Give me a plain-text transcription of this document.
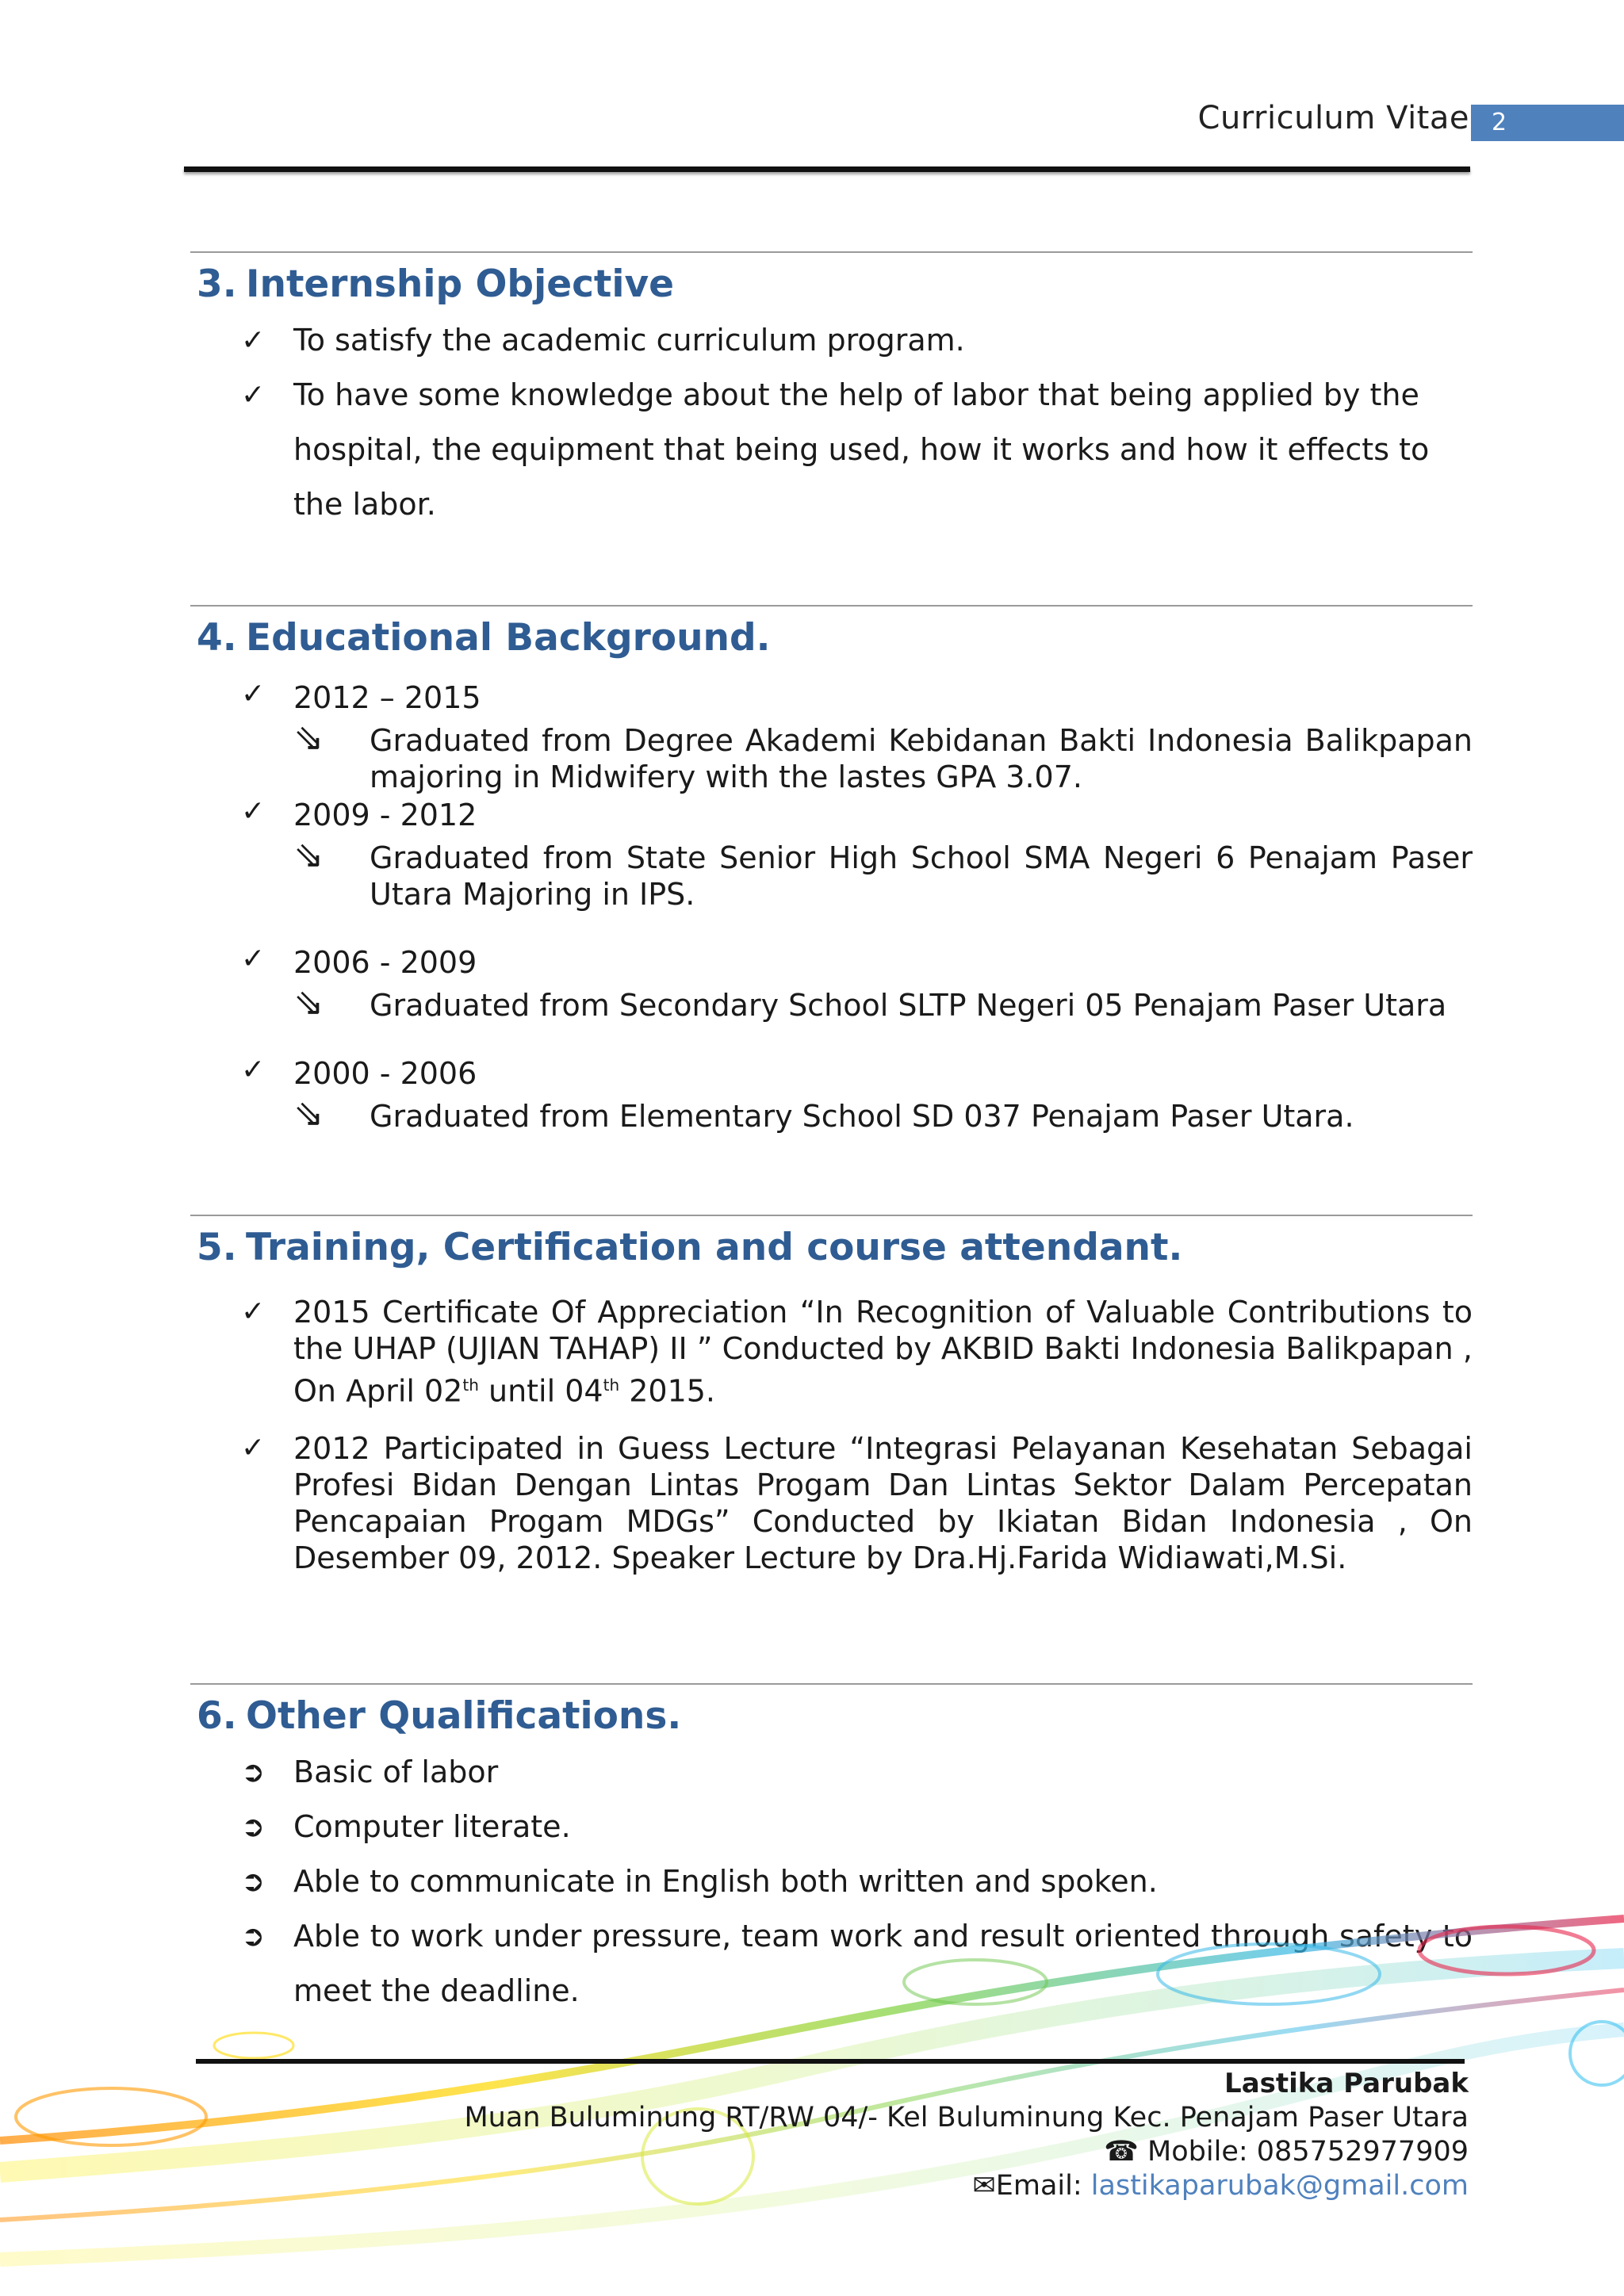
Curriculum Vitae 2
3. Internship Objective
✓ To satisfy the academic curriculum program.
✓ To have some knowledge about the help of labor that being applied by the hospital, the equipment that being used, how it works and how it effects to the labor.
4. Educational Background.
✓ 2012 – 2015
⇘ Graduated from Degree Akademi Kebidanan Bakti Indonesia Balikpapan majoring in Midwifery with the lastes GPA 3.07.
✓ 2009 - 2012
⇘ Graduated from State Senior High School SMA Negeri 6 Penajam Paser Utara Majoring in IPS.
✓ 2006 - 2009
⇘ Graduated from Secondary School SLTP Negeri 05 Penajam Paser Utara
✓ 2000 - 2006
⇘ Graduated from Elementary School SD 037 Penajam Paser Utara.
5. Training, Certification and course attendant.
✓ 2015 Certificate Of Appreciation “In Recognition of Valuable Contributions to the UHAP (UJIAN TAHAP) II ” Conducted by AKBID Bakti Indonesia Balikpapan , On April 02th until 04th 2015.
✓ 2012 Participated in Guess Lecture “Integrasi Pelayanan Kesehatan Sebagai Profesi Bidan Dengan Lintas Progam Dan Lintas Sektor Dalam Percepatan Pencapaian Progam MDGs” Conducted by Ikiatan Bidan Indonesia , On Desember 09, 2012. Speaker Lecture by Dra.Hj.Farida Widiawati,M.Si.
6. Other Qualifications.
➲ Basic of labor
➲ Computer literate.
➲ Able to communicate in English both written and spoken.
➲ Able to work under pressure, team work and result oriented through safety to meet the deadline.
Lastika Parubak
Muan Buluminung RT/RW 04/- Kel Buluminung Kec. Penajam Paser Utara
☎ Mobile: 085752977909
✉Email: lastikaparubak@gmail.com
